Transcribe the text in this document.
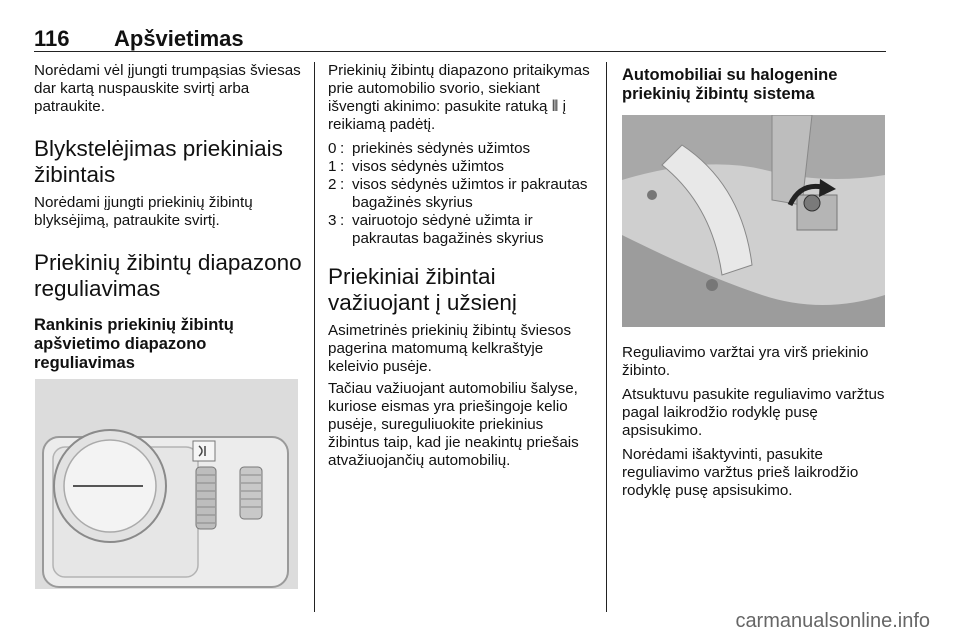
116 Apšvietimas

Norėdami vėl įjungti trumpąsias šviesas dar kartą nuspauskite svirtį arba patraukite.

Blykstelėjimas priekiniais žibintais

Norėdami įjungti priekinių žibintų blyksėjimą, patraukite svirtį.

Priekinių žibintų diapazono reguliavimas
Rankinis priekinių žibintų apšvietimo diapazono reguliavimas

Priekinių žibintų diapazono pritaikymas prie automobilio svorio, siekiant išvengti akinimo: pasukite ratuką ⦀ į reikiamą padėtį.

0 : priekinės sėdynės užimtos
1 : visos sėdynės užimtos
2 : visos sėdynės užimtos ir pakrautas bagažinės skyrius
3 : vairuotojo sėdynė užimta ir pakrautas bagažinės skyrius
Priekiniai žibintai važiuojant į užsienį

Asimetrinės priekinių žibintų šviesos pagerina matomumą kelkraštyje keleivio pusėje.

Tačiau važiuojant automobiliu šalyse, kuriose eismas yra priešingoje kelio pusėje, sureguliuokite priekinius žibintus taip, kad jie neakintų priešais atvažiuojančių automobilių.

Automobiliai su halogenine priekinių žibintų sistema

Reguliavimo varžtai yra virš priekinio žibinto.

Atsuktuvu pasukite reguliavimo varžtus pagal laikrodžio rodyklę pusę apsisukimo.

Norėdami išaktyvinti, pasukite reguliavimo varžtus prieš laikrodžio rodyklę pusę apsisukimo.

carmanualsonline.info
